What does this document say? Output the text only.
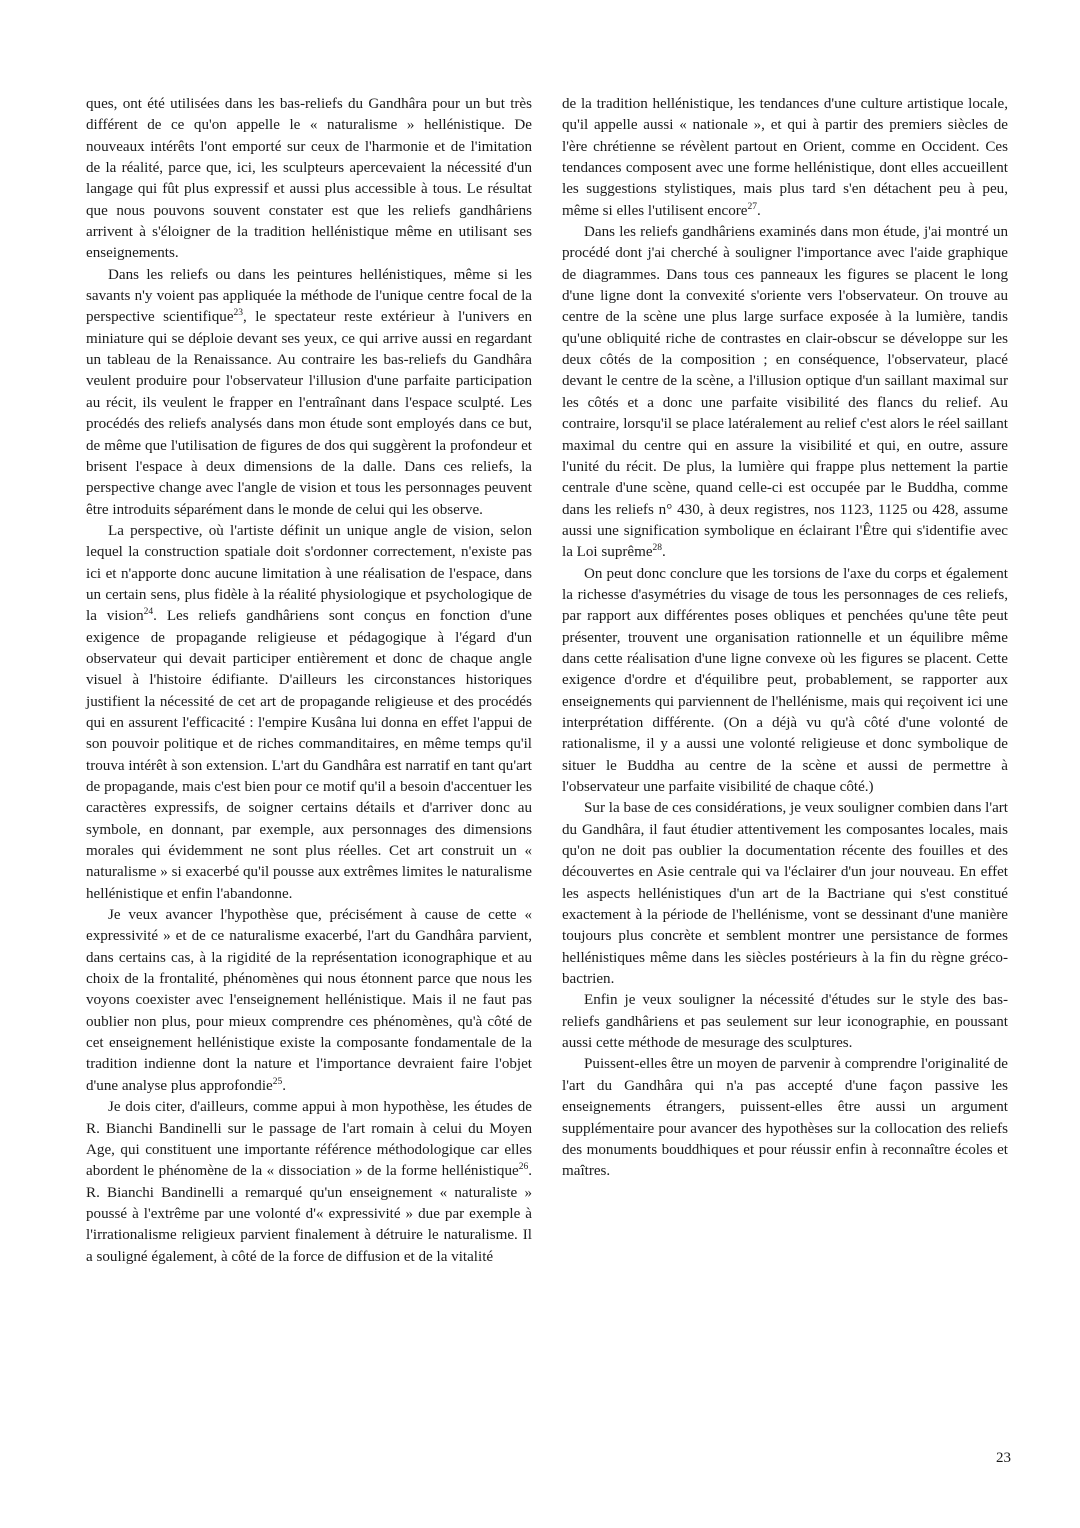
ques, ont été utilisées dans les bas-reliefs du Gandhâra pour un but très différent de ce qu'on appelle le « naturalisme » hellénistique. De nouveaux intérêts l'ont emporté sur ceux de l'harmonie et de l'imitation de la réalité, parce que, ici, les sculpteurs apercevaient la nécessité d'un langage qui fût plus expressif et aussi plus accessible à tous. Le résultat que nous pouvons souvent constater est que les reliefs gandhâriens arrivent à s'éloigner de la tradition hellénistique même en utilisant ses enseignements.

Dans les reliefs ou dans les peintures hellénistiques, même si les savants n'y voient pas appliquée la méthode de l'unique centre focal de la perspective scientifique$^{23}$, le spectateur reste extérieur à l'univers en miniature qui se déploie devant ses yeux, ce qui arrive aussi en regardant un tableau de la Renaissance. Au contraire les bas-reliefs du Gandhâra veulent produire pour l'observateur l'illusion d'une parfaite participation au récit, ils veulent le frapper en l'entraînant dans l'espace sculpté. Les procédés des reliefs analysés dans mon étude sont employés dans ce but, de même que l'utilisation de figures de dos qui suggèrent la profondeur et brisent l'espace à deux dimensions de la dalle. Dans ces reliefs, la perspective change avec l'angle de vision et tous les personnages peuvent être introduits séparément dans le monde de celui qui les observe.

La perspective, où l'artiste définit un unique angle de vision, selon lequel la construction spatiale doit s'ordonner correctement, n'existe pas ici et n'apporte donc aucune limitation à une réalisation de l'espace, dans un certain sens, plus fidèle à la réalité physiologique et psychologique de la vision$^{24}$. Les reliefs gandhâriens sont conçus en fonction d'une exigence de propagande religieuse et pédagogique à l'égard d'un observateur qui devait participer entièrement et donc de chaque angle visuel à l'histoire édifiante. D'ailleurs les circonstances historiques justifient la nécessité de cet art de propagande religieuse et des procédés qui en assurent l'efficacité : l'empire Kusâna lui donna en effet l'appui de son pouvoir politique et de riches commanditaires, en même temps qu'il trouva intérêt à son extension. L'art du Gandhâra est narratif en tant qu'art de propagande, mais c'est bien pour ce motif qu'il a besoin d'accentuer les caractères expressifs, de soigner certains détails et d'arriver donc au symbole, en donnant, par exemple, aux personnages des dimensions morales qui évidemment ne sont plus réelles. Cet art construit un « naturalisme » si exacerbé qu'il pousse aux extrêmes limites le naturalisme hellénistique et enfin l'abandonne.

Je veux avancer l'hypothèse que, précisément à cause de cette « expressivité » et de ce naturalisme exacerbé, l'art du Gandhâra parvient, dans certains cas, à la rigidité de la représentation iconographique et au choix de la frontalité, phénomènes qui nous étonnent parce que nous les voyons coexister avec l'enseignement hellénistique. Mais il ne faut pas oublier non plus, pour mieux comprendre ces phénomènes, qu'à côté de cet enseignement hellénistique existe la composante fondamentale de la tradition indienne dont la nature et l'importance devraient faire l'objet d'une analyse plus approfondie$^{25}$.

Je dois citer, d'ailleurs, comme appui à mon hypothèse, les études de R. Bianchi Bandinelli sur le passage de l'art romain à celui du Moyen Age, qui constituent une importante référence méthodologique car elles abordent le phénomène de la « dissociation » de la forme hellénistique$^{26}$. R. Bianchi Bandinelli a remarqué qu'un enseignement « naturaliste » poussé à l'extrême par une volonté d'« expressivité » due par exemple à l'irrationalisme religieux parvient finalement à détruire le naturalisme. Il a souligné également, à côté de la force de diffusion et de la vitalité

de la tradition hellénistique, les tendances d'une culture artistique locale, qu'il appelle aussi « nationale », et qui à partir des premiers siècles de l'ère chrétienne se révèlent partout en Orient, comme en Occident. Ces tendances composent avec une forme hellénistique, dont elles accueillent les suggestions stylistiques, mais plus tard s'en détachent peu à peu, même si elles l'utilisent encore$^{27}$.

Dans les reliefs gandhâriens examinés dans mon étude, j'ai montré un procédé dont j'ai cherché à souligner l'importance avec l'aide graphique de diagrammes. Dans tous ces panneaux les figures se placent le long d'une ligne dont la convexité s'oriente vers l'observateur. On trouve au centre de la scène une plus large surface exposée à la lumière, tandis qu'une obliquité riche de contrastes en clair-obscur se développe sur les deux côtés de la composition ; en conséquence, l'observateur, placé devant le centre de la scène, a l'illusion optique d'un saillant maximal sur les côtés et a donc une parfaite visibilité des flancs du relief. Au contraire, lorsqu'il se place latéralement au relief c'est alors le réel saillant maximal du centre qui en assure la visibilité et qui, en outre, assure l'unité du récit. De plus, la lumière qui frappe plus nettement la partie centrale d'une scène, quand celle-ci est occupée par le Buddha, comme dans les reliefs n° 430, à deux registres, nos 1123, 1125 ou 428, assume aussi une signification symbolique en éclairant l'Être qui s'identifie avec la Loi suprême$^{28}$.

On peut donc conclure que les torsions de l'axe du corps et également la richesse d'asymétries du visage de tous les personnages de ces reliefs, par rapport aux différentes poses obliques et penchées qu'une tête peut présenter, trouvent une organisation rationnelle et un équilibre même dans cette réalisation d'une ligne convexe où les figures se placent. Cette exigence d'ordre et d'équilibre peut, probablement, se rapporter aux enseignements qui parviennent de l'hellénisme, mais qui reçoivent ici une interprétation différente. (On a déjà vu qu'à côté d'une volonté de rationalisme, il y a aussi une volonté religieuse et donc symbolique de situer le Buddha au centre de la scène et aussi de permettre à l'observateur une parfaite visibilité de chaque côté.)

Sur la base de ces considérations, je veux souligner combien dans l'art du Gandhâra, il faut étudier attentivement les composantes locales, mais qu'on ne doit pas oublier la documentation récente des fouilles et des découvertes en Asie centrale qui va l'éclairer d'un jour nouveau. En effet les aspects hellénistiques d'un art de la Bactriane qui s'est constitué exactement à la période de l'hellénisme, vont se dessinant d'une manière toujours plus concrète et semblent montrer une persistance de formes hellénistiques même dans les siècles postérieurs à la fin du règne gréco-bactrien.

Enfin je veux souligner la nécessité d'études sur le style des bas-reliefs gandhâriens et pas seulement sur leur iconographie, en poussant aussi cette méthode de mesurage des sculptures.

Puissent-elles être un moyen de parvenir à comprendre l'originalité de l'art du Gandhâra qui n'a pas accepté d'une façon passive les enseignements étrangers, puissent-elles être aussi un argument supplémentaire pour avancer des hypothèses sur la collocation des reliefs des monuments bouddhiques et pour réussir enfin à reconnaître écoles et maîtres.

23
